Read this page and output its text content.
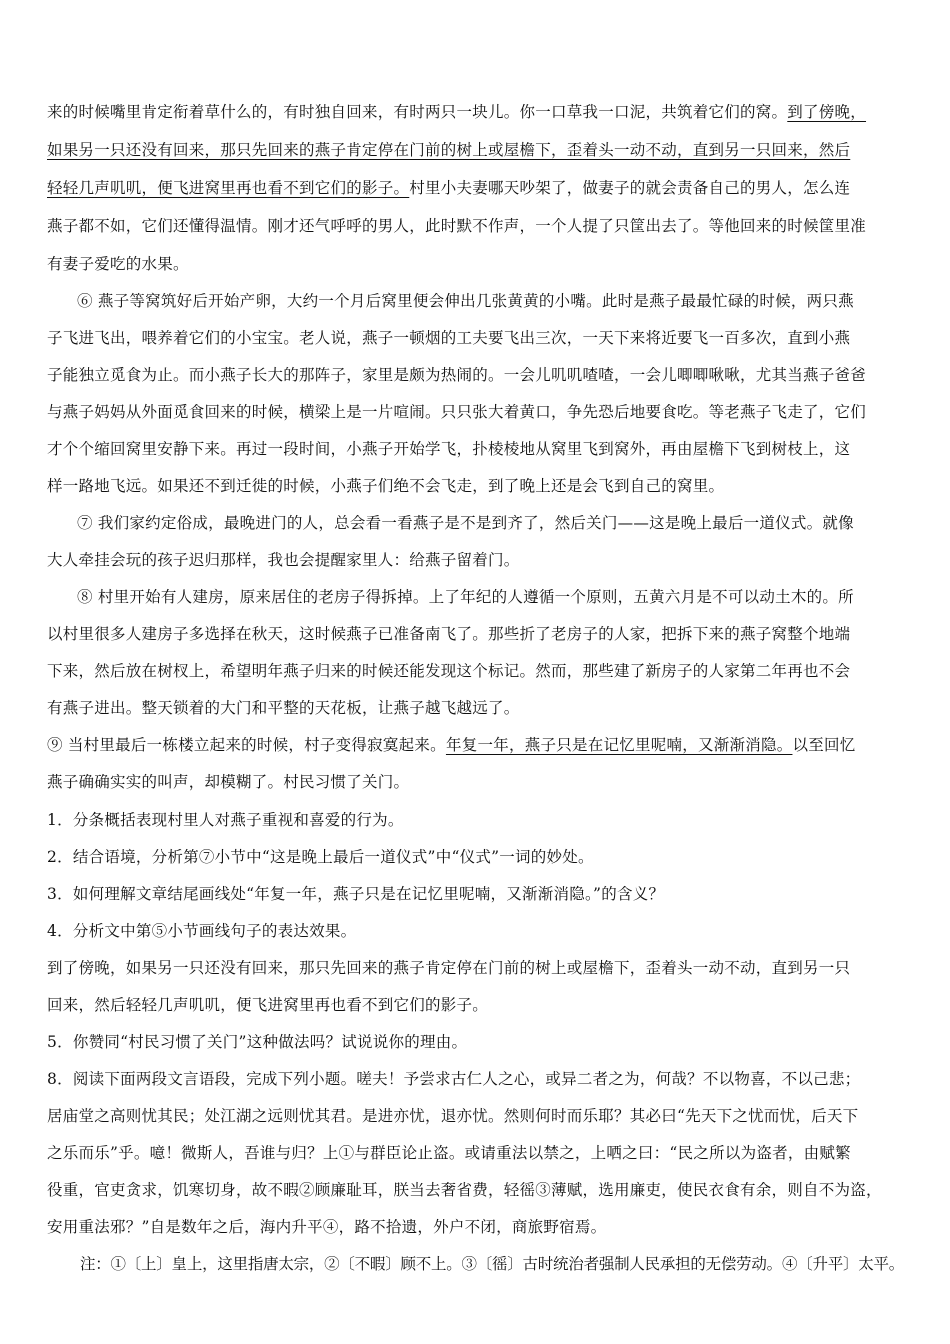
来的时候嘴里肯定衔着草什么的，有时独自回来，有时两只一块儿。你一口草我一口泥，共筑着它们的窝。到了傍晚，
如果另一只还没有回来，那只先回来的燕子肯定停在门前的树上或屋檐下，歪着头一动不动，直到另一只回来，然后
轻轻几声叽叽，便飞进窝里再也看不到它们的影子。村里小夫妻哪天吵架了，做妻子的就会责备自己的男人，怎么连
燕子都不如，它们还懂得温情。刚才还气呼呼的男人，此时默不作声，一个人提了只筐出去了。等他回来的时候筐里准
有妻子爱吃的水果。
⑥ 燕子等窝筑好后开始产卵，大约一个月后窝里便会伸出几张黄黄的小嘴。此时是燕子最最忙碌的时候，两只燕
子飞进飞出，喂养着它们的小宝宝。老人说，燕子一顿烟的工夫要飞出三次，一天下来将近要飞一百多次，直到小燕
子能独立觅食为止。而小燕子长大的那阵子，家里是颇为热闹的。一会儿叽叽喳喳，一会儿唧唧啾啾，尤其当燕子爸爸
与燕子妈妈从外面觅食回来的时候，横梁上是一片喧闹。只只张大着黄口，争先恐后地要食吃。等老燕子飞走了，它们
才个个缩回窝里安静下来。再过一段时间，小燕子开始学飞，扑棱棱地从窝里飞到窝外，再由屋檐下飞到树枝上，这
样一路地飞远。如果还不到迁徙的时候，小燕子们绝不会飞走，到了晚上还是会飞到自己的窝里。
⑦ 我们家约定俗成，最晚进门的人，总会看一看燕子是不是到齐了，然后关门——这是晚上最后一道仪式。就像
大人牵挂会玩的孩子迟归那样，我也会提醒家里人：给燕子留着门。
⑧ 村里开始有人建房，原来居住的老房子得拆掉。上了年纪的人遵循一个原则，五黄六月是不可以动土木的。所
以村里很多人建房子多选择在秋天，这时候燕子已准备南飞了。那些折了老房子的人家，把拆下来的燕子窝整个地端
下来，然后放在树杈上，希望明年燕子归来的时候还能发现这个标记。然而，那些建了新房子的人家第二年再也不会
有燕子进出。整天锁着的大门和平整的天花板，让燕子越飞越远了。
⑨ 当村里最后一栋楼立起来的时候，村子变得寂寞起来。年复一年，燕子只是在记忆里呢喃，又渐渐消隐。以至回忆
燕子确确实实的叫声，却模糊了。村民习惯了关门。
1．分条概括表现村里人对燕子重视和喜爱的行为。
2．结合语境，分析第⑦小节中“这是晚上最后一道仪式”中“仪式”一词的妙处。
3．如何理解文章结尾画线处“年复一年，燕子只是在记忆里呢喃，又渐渐消隐。”的含义？
4．分析文中第⑤小节画线句子的表达效果。
到了傍晚，如果另一只还没有回来，那只先回来的燕子肯定停在门前的树上或屋檐下，歪着头一动不动，直到另一只
回来，然后轻轻几声叽叽，便飞进窝里再也看不到它们的影子。
5．你赞同“村民习惯了关门”这种做法吗？试说说你的理由。
8．阅读下面两段文言语段，完成下列小题。嗟夫！予尝求古仁人之心，或异二者之为，何哉？不以物喜，不以己悲；
居庙堂之高则忧其民；处江湖之远则忧其君。是进亦忧，退亦忧。然则何时而乐耶？其必曰“先天下之忧而忧，后天下
之乐而乐”乎。噫！微斯人，吾谁与归？上①与群臣论止盗。或请重法以禁之，上哂之曰：“民之所以为盗者，由赋繁
役重，官吏贪求，饥寒切身，故不暇②顾廉耻耳，朕当去奢省费，轻徭③薄赋，选用廉吏，使民衣食有余，则自不为盗，
安用重法邪？”自是数年之后，海内升平④，路不拾遗，外户不闭，商旅野宿焉。
注：①〔上〕皇上，这里指唐太宗，②〔不暇〕顾不上。③〔徭〕古时统治者强制人民承担的无偿劳动。④〔升平〕太平。
